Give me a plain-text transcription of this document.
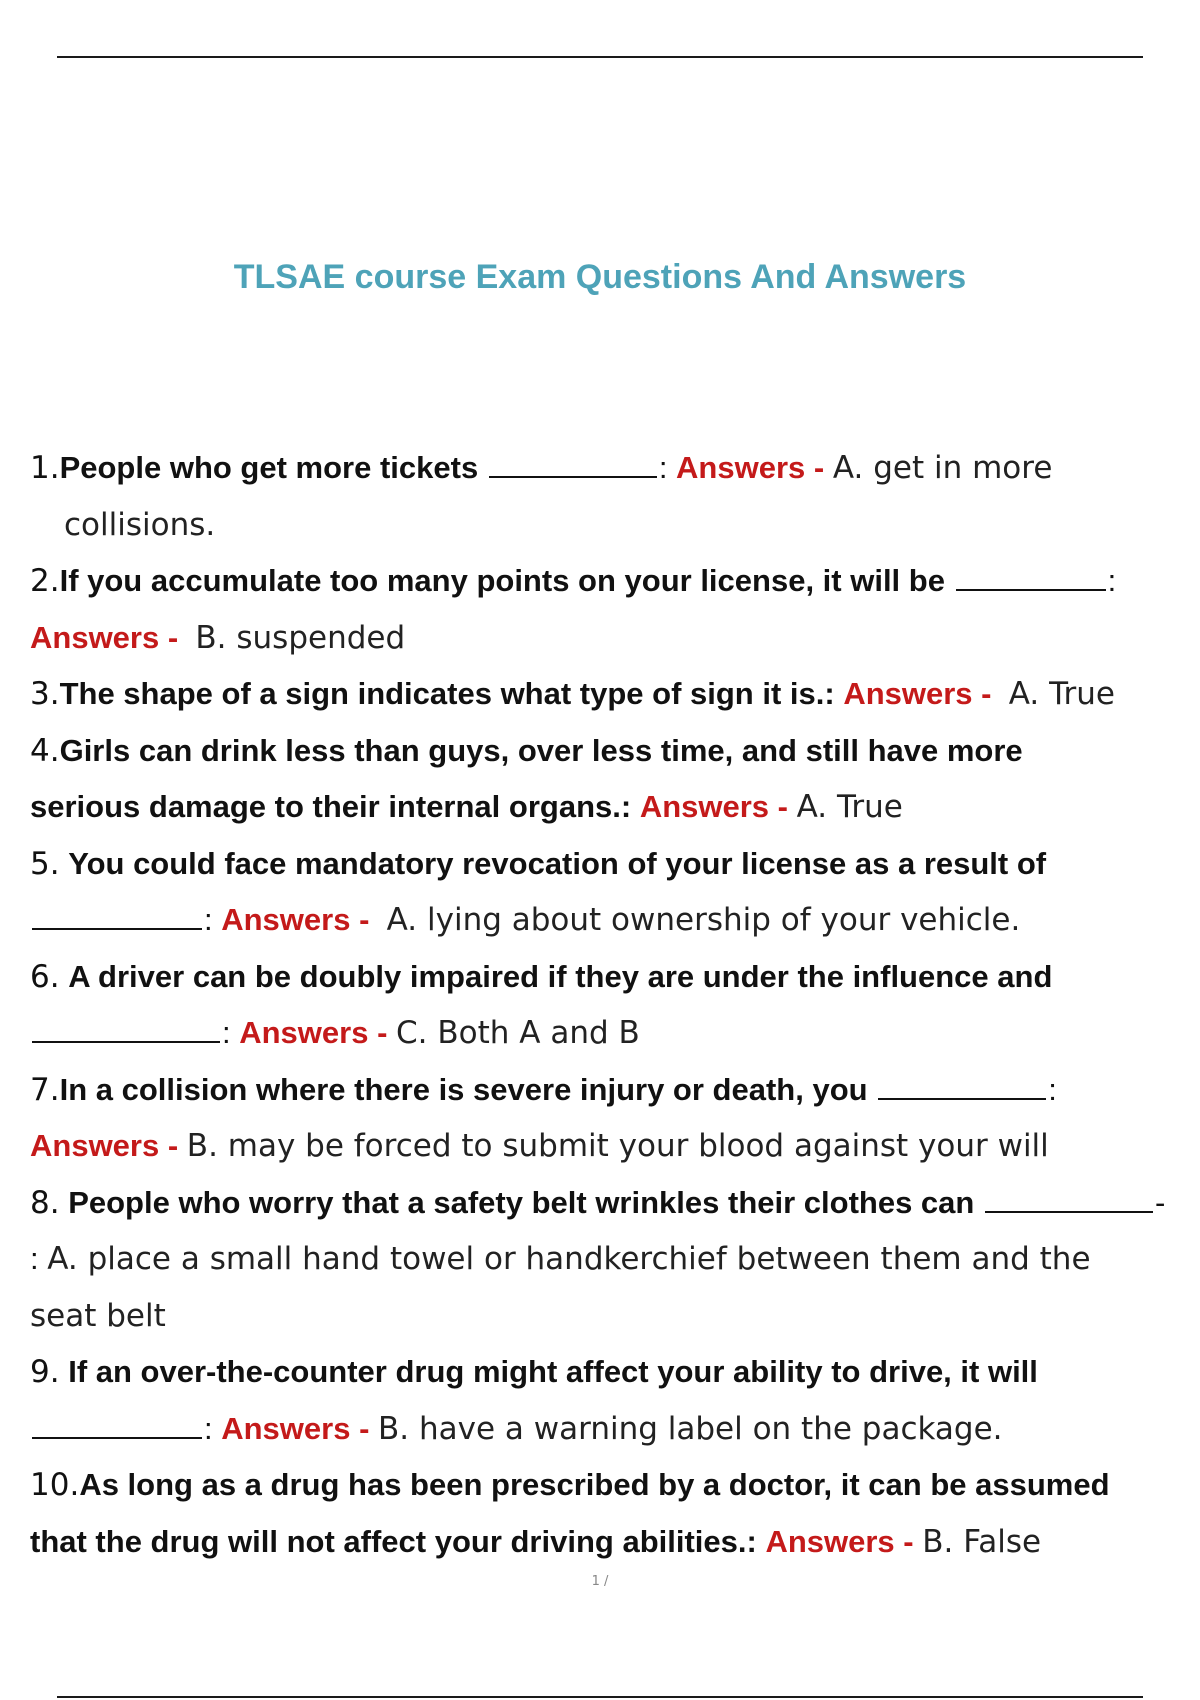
TLSAE course Exam Questions And Answers
1.People who get more tickets	: Answers - A. get in more
collisions.
2.If you accumulate too many points on your license, it will be	:
Answers - B. suspended
3.The shape of a sign indicates what type of sign it is.: Answers - A. True
4.Girls can drink less than guys, over less time, and still have more
serious damage to their internal organs.: Answers - A. True
5. You could face mandatory revocation of your license as a result of
: Answers - A. lying about ownership of your vehicle.
6. A driver can be doubly impaired if they are under the influence and
: Answers - C. Both A and B
7.In a collision where there is severe injury or death, you	:
Answers - B. may be forced to submit your blood against your will
8. People who worry that a safety belt wrinkles their clothes can	-
: A. place a small hand towel or handkerchief between them and the
seat belt
9. If an over-the-counter drug might affect your ability to drive, it will
: Answers - B. have a warning label on the package.
10.As long as a drug has been prescribed by a doctor, it can be assumed
that the drug will not affect your driving abilities.: Answers - B. False
1 /
